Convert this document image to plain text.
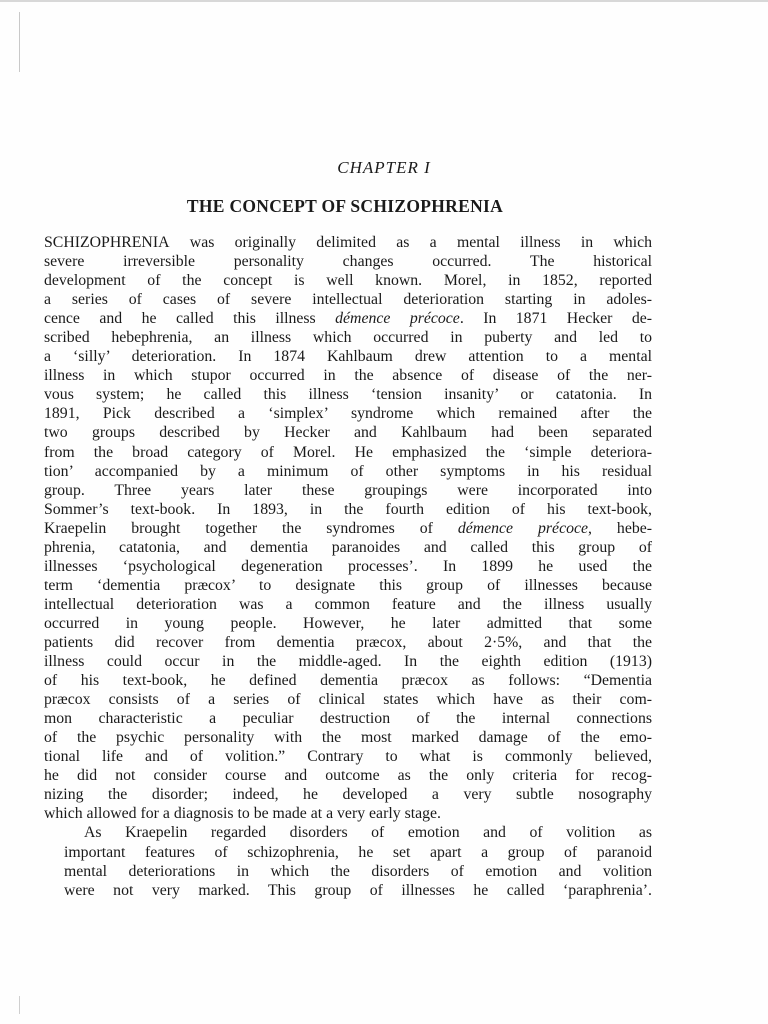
CHAPTER I
THE CONCEPT OF SCHIZOPHRENIA

SCHIZOPHRENIA was originally delimited as a mental illness in which
severe irreversible personality changes occurred. The historical
development of the concept is well known. Morel, in 1852, reported
a series of cases of severe intellectual deterioration starting in adoles-
cence and he called this illness démence précoce. In 1871 Hecker de-
scribed hebephrenia, an illness which occurred in puberty and led to
a ‘silly’ deterioration. In 1874 Kahlbaum drew attention to a mental
illness in which stupor occurred in the absence of disease of the ner-
vous system; he called this illness ‘tension insanity’ or catatonia. In
1891, Pick described a ‘simplex’ syndrome which remained after the
two groups described by Hecker and Kahlbaum had been separated
from the broad category of Morel. He emphasized the ‘simple deteriora-
tion’ accompanied by a minimum of other symptoms in his residual
group. Three years later these groupings were incorporated into
Sommer’s text-book. In 1893, in the fourth edition of his text-book,
Kraepelin brought together the syndromes of démence précoce, hebe-
phrenia, catatonia, and dementia paranoides and called this group of
illnesses ‘psychological degeneration processes’. In 1899 he used the
term ‘dementia præcox’ to designate this group of illnesses because
intellectual deterioration was a common feature and the illness usually
occurred in young people. However, he later admitted that some
patients did recover from dementia præcox, about 2·5%, and that the
illness could occur in the middle-aged. In the eighth edition (1913)
of his text-book, he defined dementia præcox as follows: “Dementia
præcox consists of a series of clinical states which have as their com-
mon characteristic a peculiar destruction of the internal connections
of the psychic personality with the most marked damage of the emo-
tional life and of volition.” Contrary to what is commonly believed,
he did not consider course and outcome as the only criteria for recog-
nizing the disorder; indeed, he developed a very subtle nosography
which allowed for a diagnosis to be made at a very early stage.

As Kraepelin regarded disorders of emotion and of volition as
important features of schizophrenia, he set apart a group of paranoid
mental deteriorations in which the disorders of emotion and volition
were not very marked. This group of illnesses he called ‘paraphrenia’.
